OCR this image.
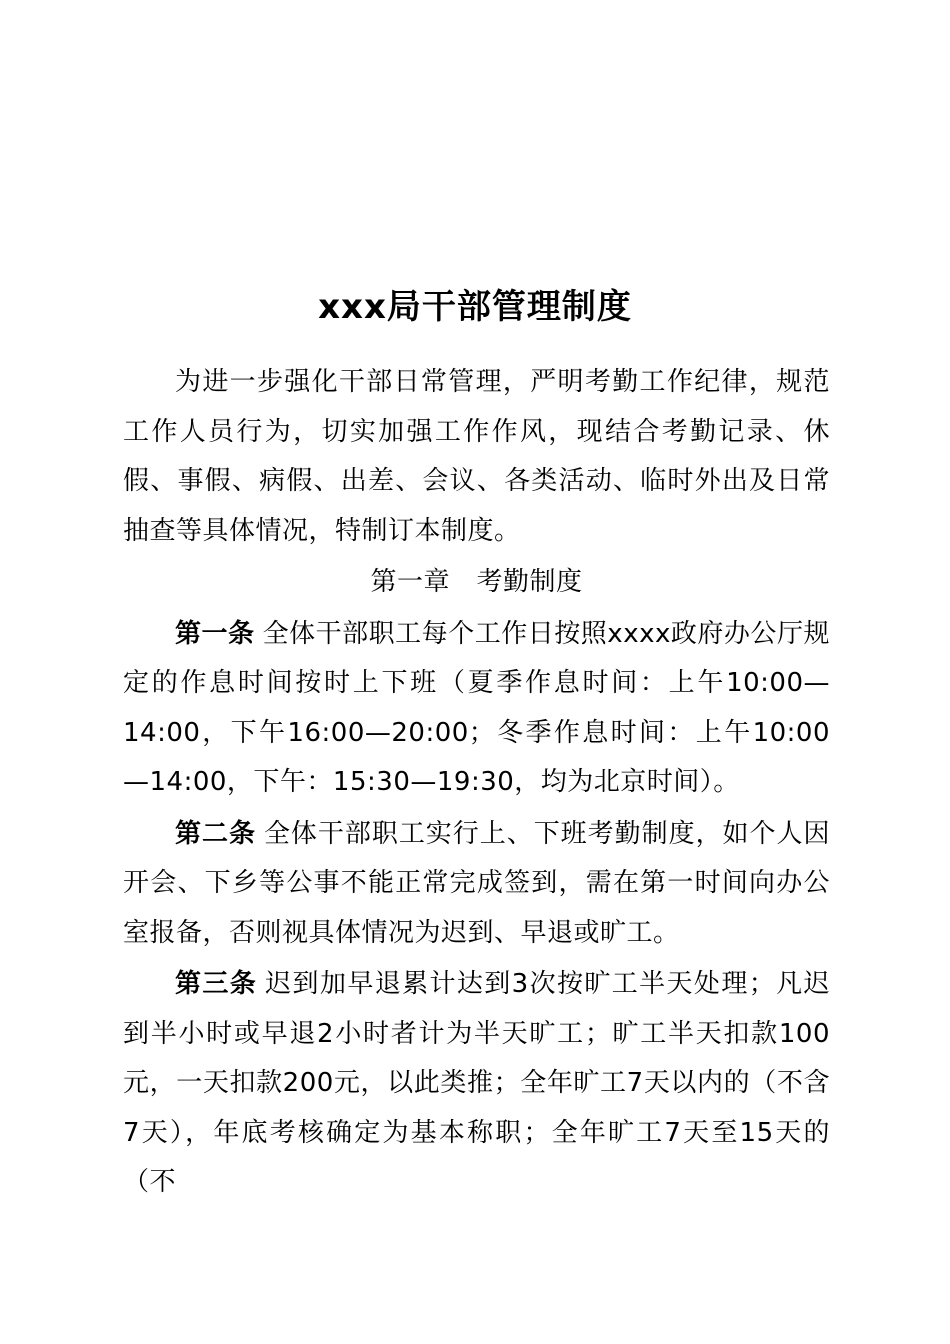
xxx局干部管理制度

为进一步强化干部日常管理，严明考勤工作纪律，规范工作人员行为，切实加强工作作风，现结合考勤记录、休假、事假、病假、出差、会议、各类活动、临时外出及日常抽查等具体情况，特制订本制度。

第一章　考勤制度

第一条 全体干部职工每个工作日按照xxxx政府办公厅规定的作息时间按时上下班（夏季作息时间：上午10:00—14:00，下午16:00—20:00；冬季作息时间：上午10:00—14:00，下午：15:30—19:30，均为北京时间）。

第二条 全体干部职工实行上、下班考勤制度，如个人因开会、下乡等公事不能正常完成签到，需在第一时间向办公室报备，否则视具体情况为迟到、早退或旷工。

第三条 迟到加早退累计达到3次按旷工半天处理；凡迟到半小时或早退2小时者计为半天旷工；旷工半天扣款100元，一天扣款200元，以此类推；全年旷工7天以内的（不含7天），年底考核确定为基本称职；全年旷工7天至15天的（不
